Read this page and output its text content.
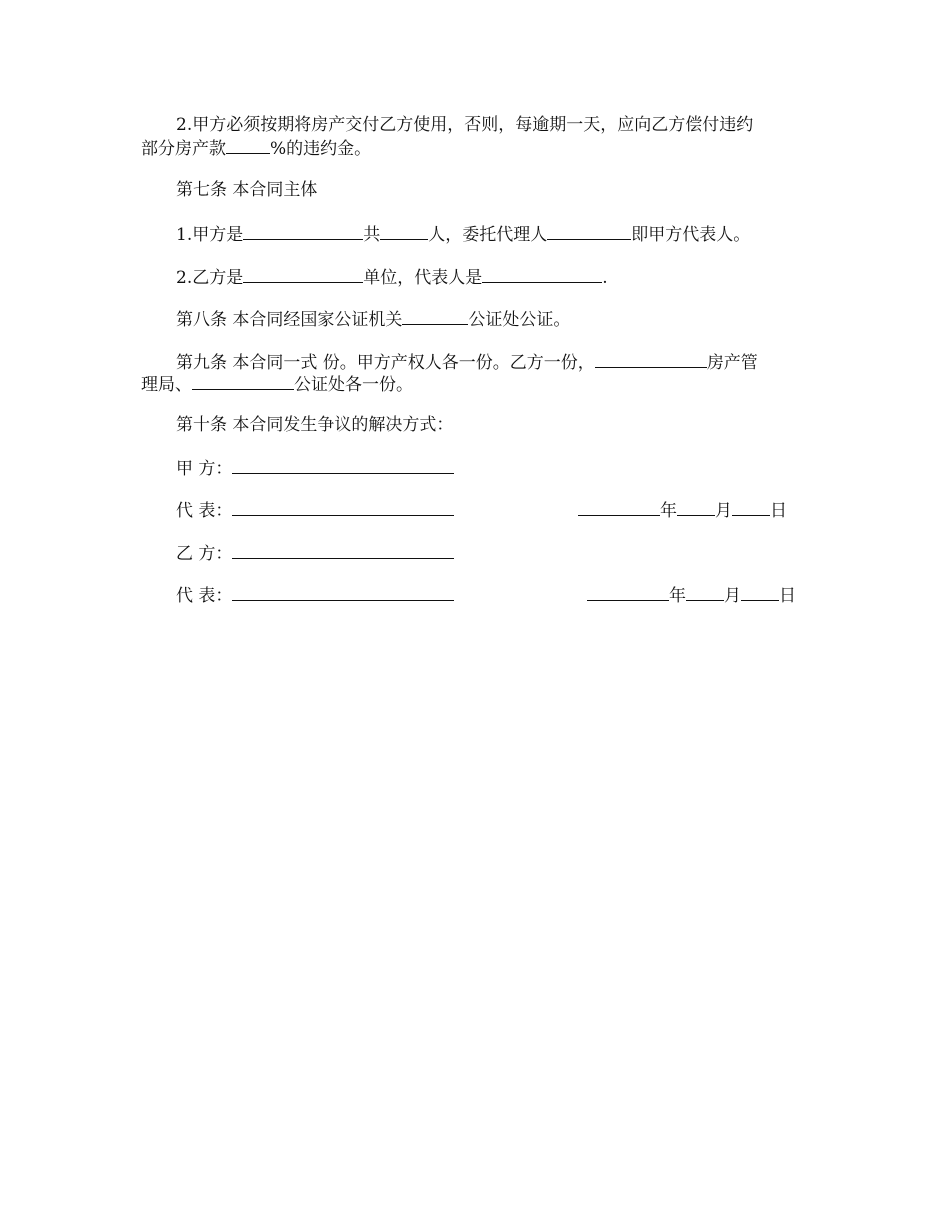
2.甲方必须按期将房产交付乙方使用，否则，每逾期一天，应向乙方偿付违约
部分房产款	%的违约金。
第七条 本合同主体
1.甲方是	共	人，委托代理人	即甲方代表人。
2.乙方是	单位，代表人是	.
第八条 本合同经国家公证机关	公证处公证。
第九条 本合同一式 份。甲方产权人各一份。乙方一份，	房产管
理局、	公证处各一份。
第十条 本合同发生争议的解决方式：
甲 方：
代 表：	年 月 日
乙 方：
代 表：	年 月 日
